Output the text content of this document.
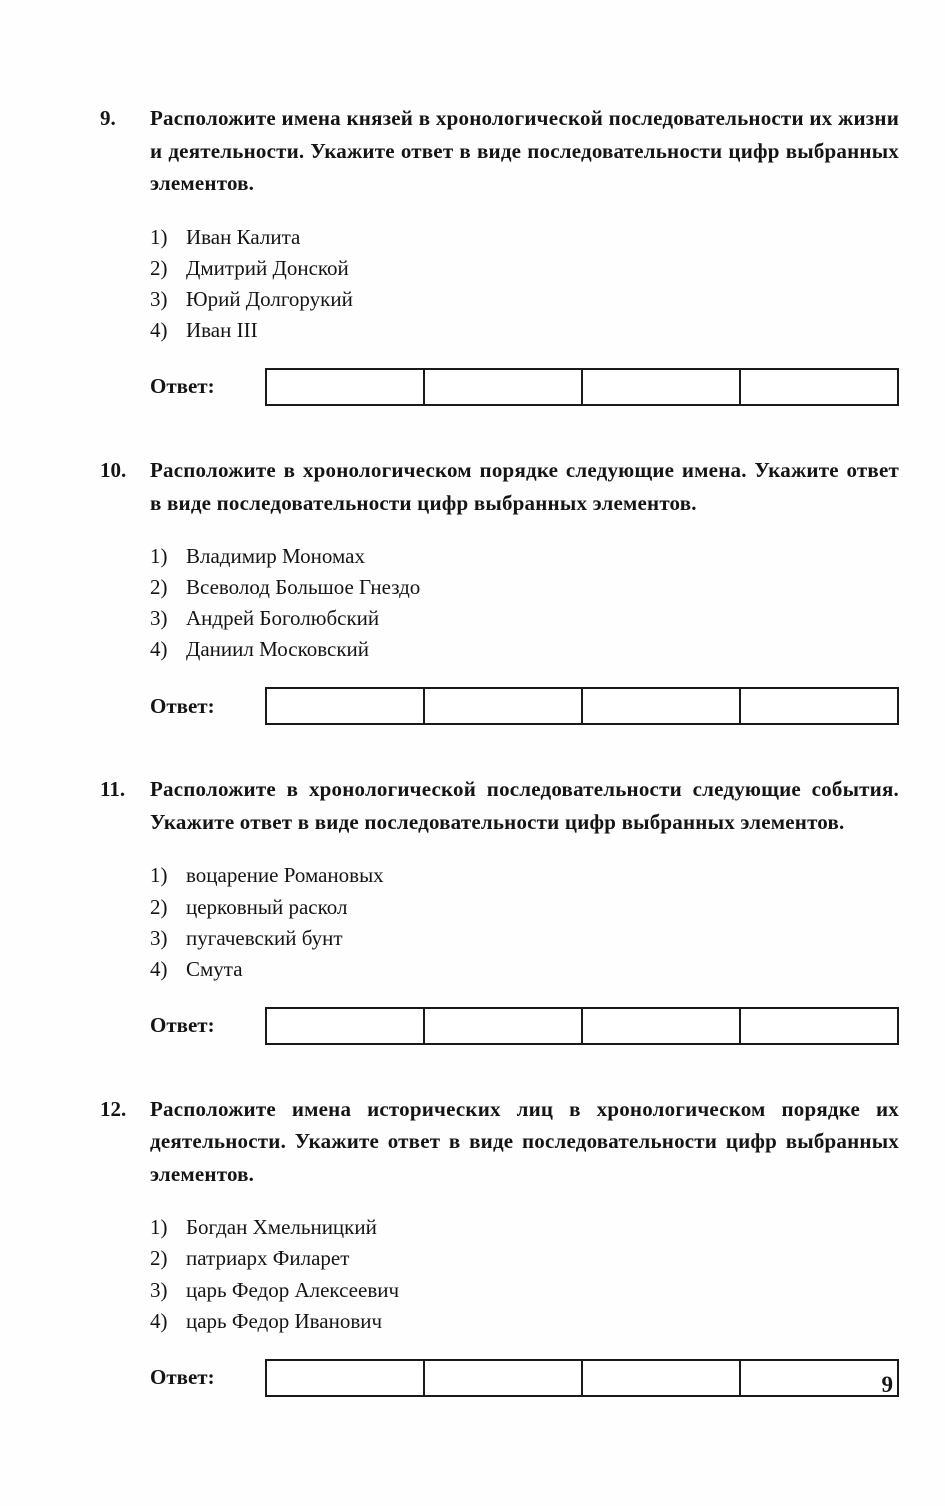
9.	Расположите имена князей в хронологической последовательности их жизни и деятельности. Укажите ответ в виде последовательности цифр выбранных элементов.
1) Иван Калита
2) Дмитрий Донской
3) Юрий Долгорукий
4) Иван III
Ответ:
10.	Расположите в хронологическом порядке следующие имена. Укажите ответ в виде последовательности цифр выбранных элементов.
1) Владимир Мономах
2) Всеволод Большое Гнездо
3) Андрей Боголюбский
4) Даниил Московский
Ответ:
11.	Расположите в хронологической последовательности следующие события. Укажите ответ в виде последовательности цифр выбранных элементов.
1) воцарение Романовых
2) церковный раскол
3) пугачевский бунт
4) Смута
Ответ:
12.	Расположите имена исторических лиц в хронологическом порядке их деятельности. Укажите ответ в виде последовательности цифр выбранных элементов.
1) Богдан Хмельницкий
2) патриарх Филарет
3) царь Федор Алексеевич
4) царь Федор Иванович
Ответ:	9
